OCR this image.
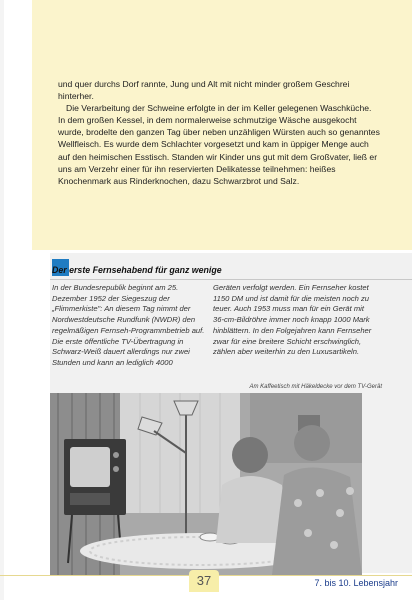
und quer durchs Dorf rannte, Jung und Alt mit nicht minder großem Geschrei hinterher.

Die Verarbeitung der Schweine erfolgte in der im Keller gelegenen Waschküche. In dem großen Kessel, in dem normalerweise schmutzige Wäsche ausgekocht wurde, brodelte den ganzen Tag über neben unzähligen Würsten auch so genanntes Wellfleisch. Es wurde dem Schlachter vorgesetzt und kam in üppiger Menge auch auf den heimischen Esstisch. Standen wir Kinder uns gut mit dem Großvater, ließ er uns am Verzehr einer für ihn reservierten Delikatesse teilnehmen: heißes Knochenmark aus Rinderknochen, dazu Schwarzbrot und Salz.

Der erste Fernsehabend für ganz wenige
In der Bundesrepublik beginnt am 25. Dezember 1952 der Siegeszug der „Flimmerkiste": An diesem Tag nimmt der Nordwestdeutsche Rundfunk (NWDR) den regelmäßigen Fernseh-Programmbetrieb auf. Die erste öffentliche TV-Übertragung in Schwarz-Weiß dauert allerdings nur zwei Stunden und kann an lediglich 4000
Geräten verfolgt werden. Ein Fernseher kostet 1150 DM und ist damit für die meisten noch zu teuer. Auch 1953 muss man für ein Gerät mit 36-cm-Bildröhre immer noch knapp 1000 Mark hinblättern. In den Folgejahren kann Fernseher zwar für eine breitere Schicht erschwinglich, zählen aber weiterhin zu den Luxusartikeln.
Am Kaffeetisch mit Häkeldecke vor dem TV-Gerät
37	7. bis 10. Lebensjahr
